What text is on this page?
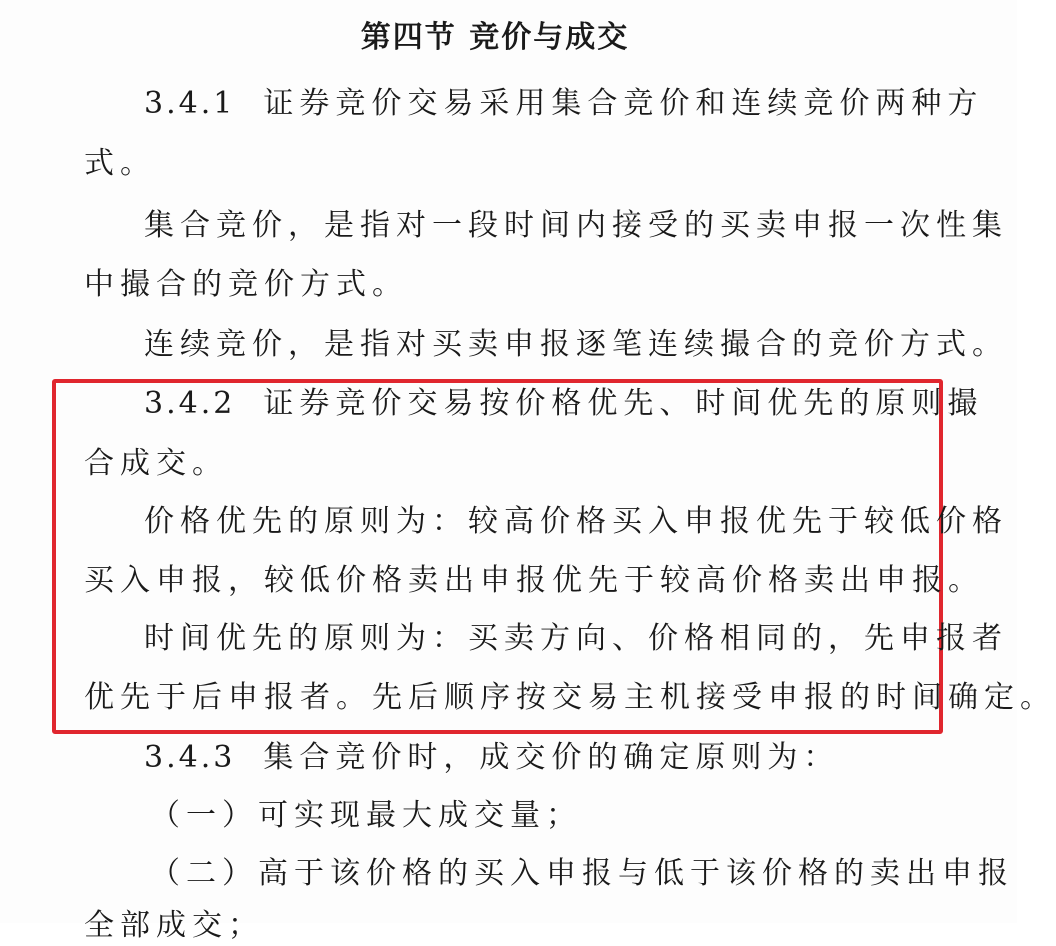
第四节 竞价与成交
3.4.1 证券竞价交易采用集合竞价和连续竞价两种方
式。
集合竞价，是指对一段时间内接受的买卖申报一次性集
中撮合的竞价方式。
连续竞价，是指对买卖申报逐笔连续撮合的竞价方式。
3.4.2 证券竞价交易按价格优先、时间优先的原则撮
合成交。
价格优先的原则为：较高价格买入申报优先于较低价格
买入申报，较低价格卖出申报优先于较高价格卖出申报。
时间优先的原则为：买卖方向、价格相同的，先申报者
优先于后申报者。先后顺序按交易主机接受申报的时间确定。
3.4.3 集合竞价时，成交价的确定原则为：
（一）可实现最大成交量；
（二）高于该价格的买入申报与低于该价格的卖出申报
全部成交；
